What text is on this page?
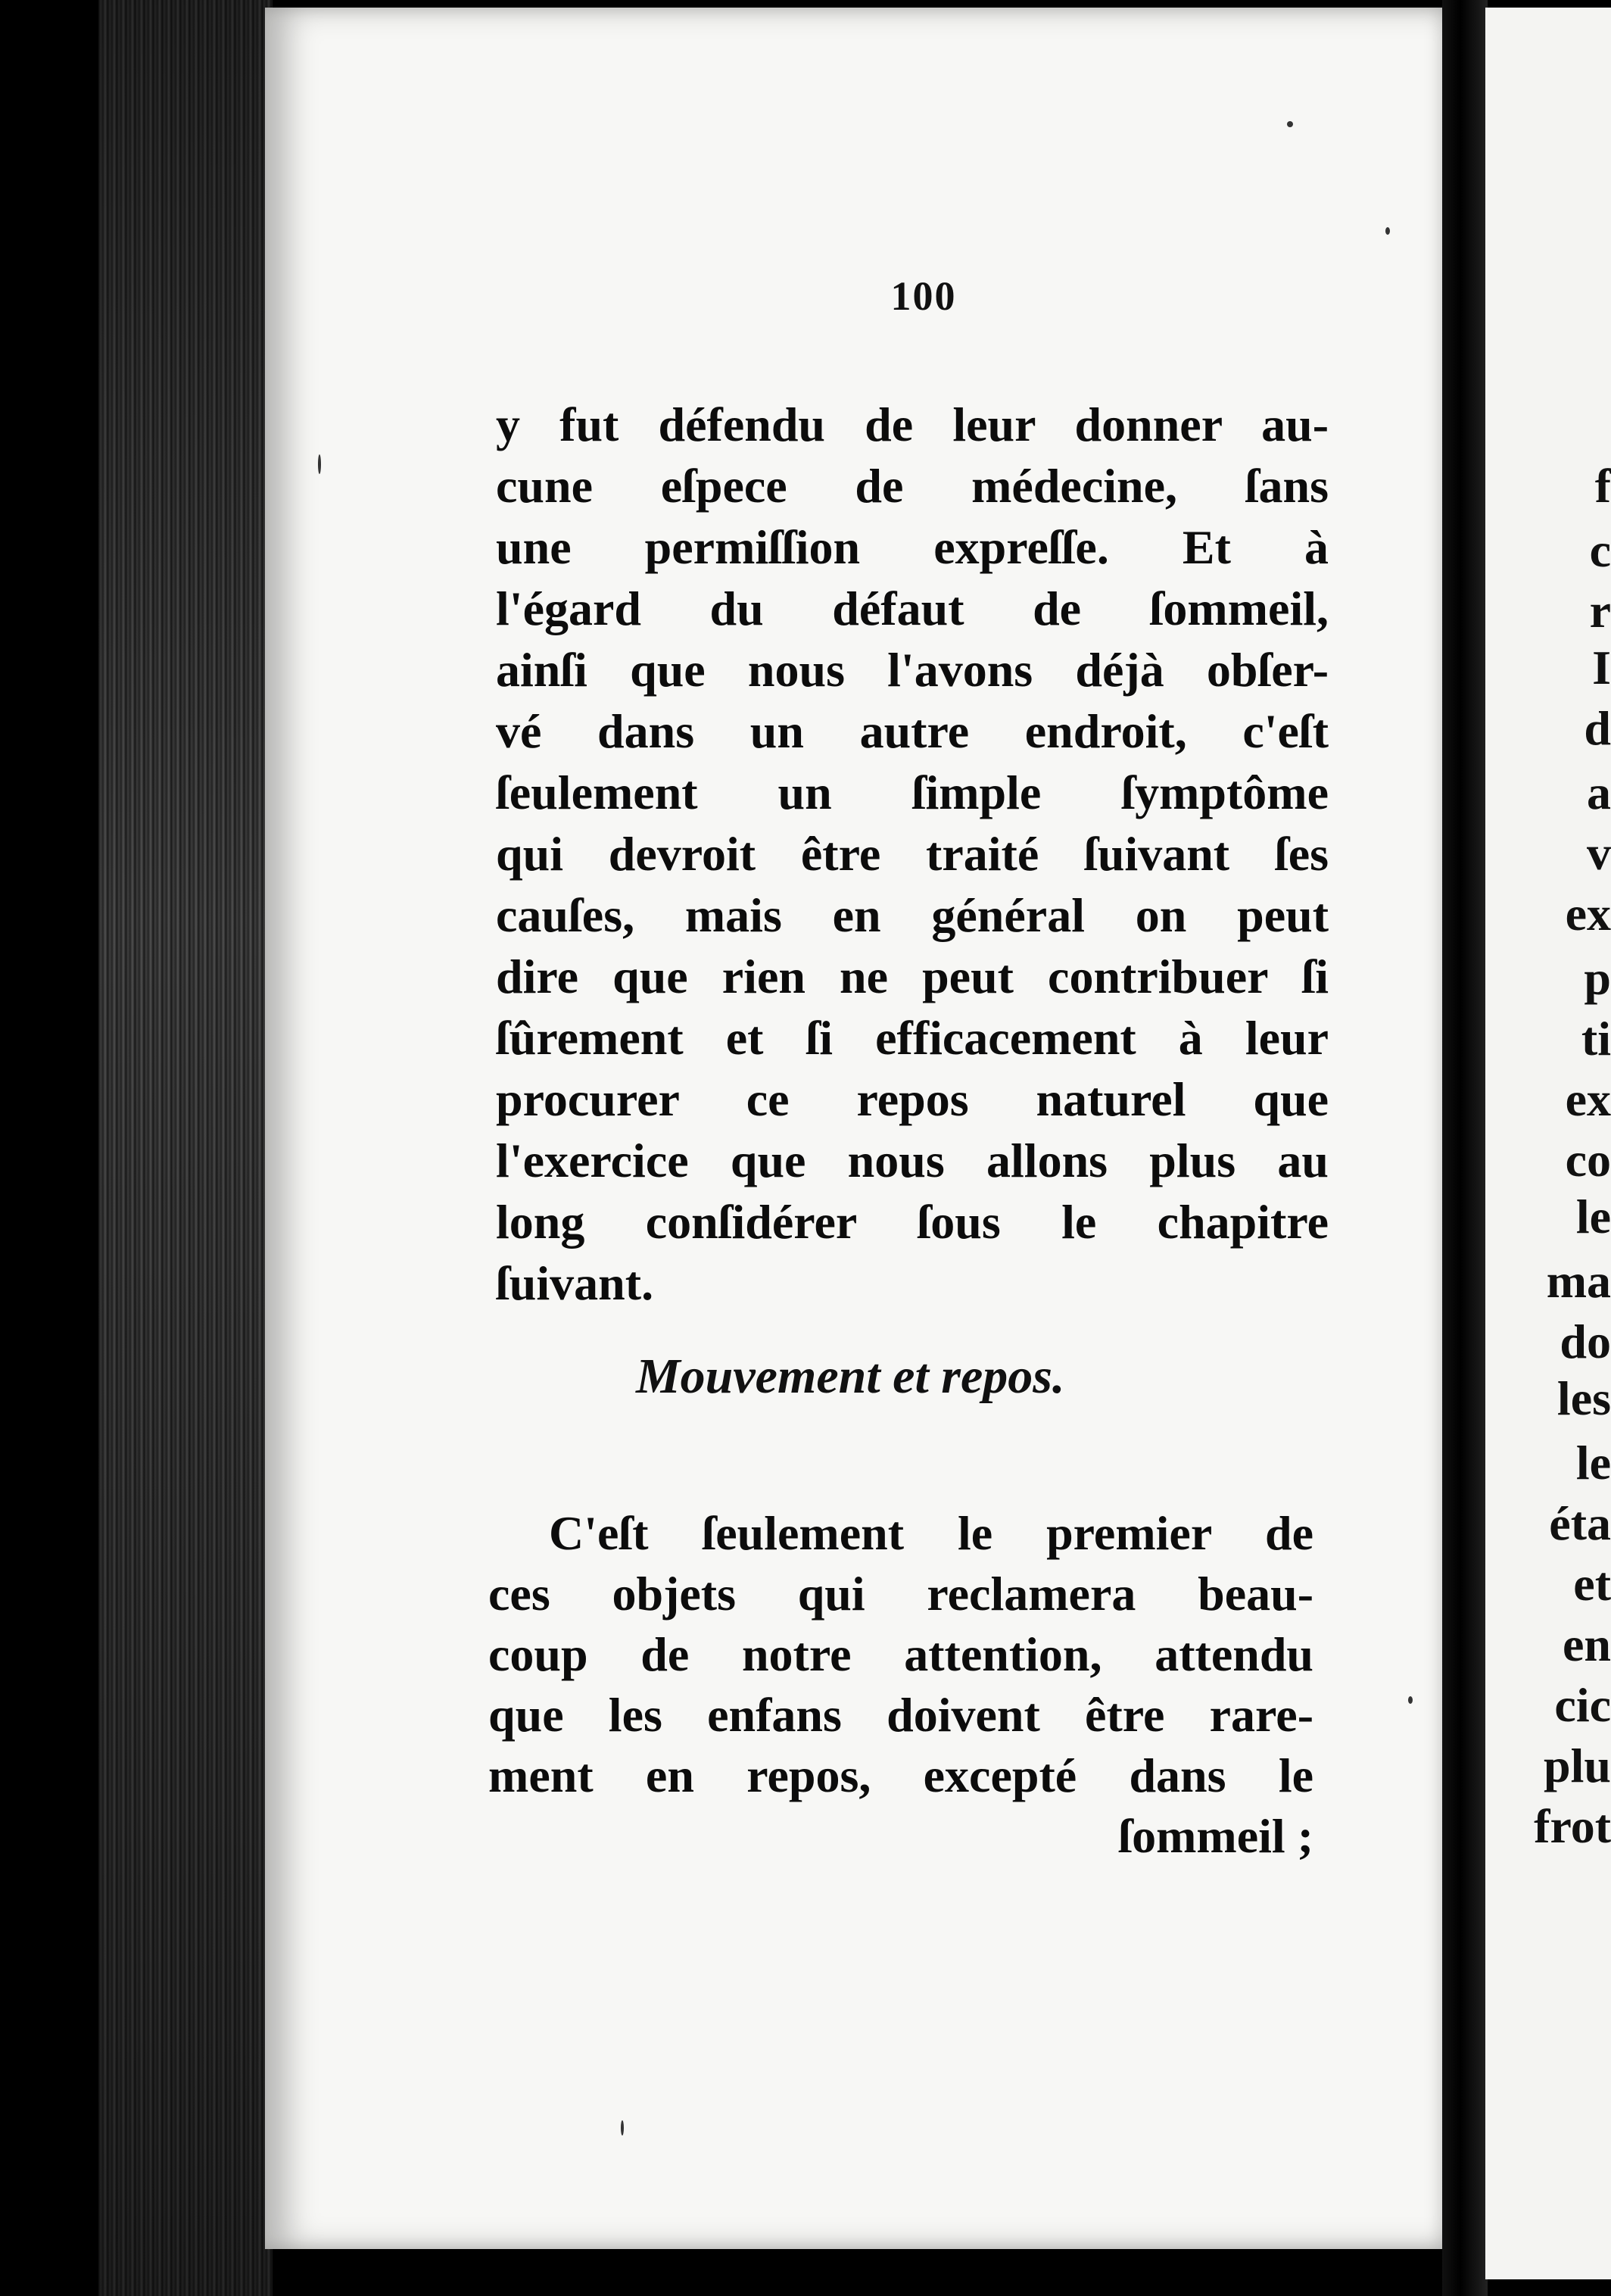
100
y fut défendu de leur donner au-
cune eſpece de médecine, ſans
une permiſſion expreſſe. Et à
l'égard du défaut de ſommeil,
ainſi que nous l'avons déjà obſer-
vé dans un autre endroit, c'eſt
ſeulement un ſimple ſymptôme
qui devroit être traité ſuivant ſes
cauſes, mais en général on peut
dire que rien ne peut contribuer ſi
ſûrement et ſi efficacement à leur
procurer ce repos naturel que
l'exercice que nous allons plus au
long conſidérer ſous le chapitre
ſuivant.
Mouvement et repos.
C'eſt ſeulement le premier de
ces objets qui reclamera beau-
coup de notre attention, attendu
que les enfans doivent être rare-
ment en repos, excepté dans le
ſommeil ;
f
c
r
I
d
a
v
ex
p
ti
ex
co
le
ma
do
les
le
éta
et
en
cic
plu
frot
